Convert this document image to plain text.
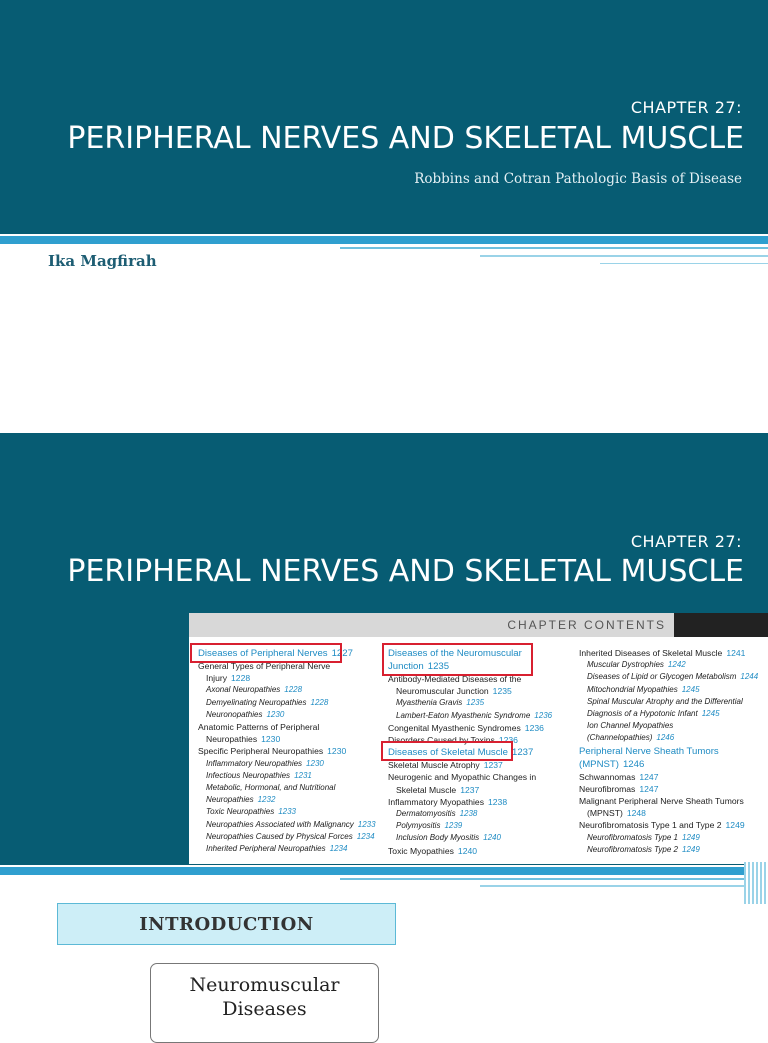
CHAPTER 27:
PERIPHERAL NERVES AND SKELETAL MUSCLE
Robbins and Cotran Pathologic Basis of Disease
Ika Magfirah
CHAPTER 27:
PERIPHERAL NERVES AND SKELETAL MUSCLE
CHAPTER CONTENTS
Diseases of Peripheral Nerves 1227
General Types of Peripheral Nerve
Injury 1228
Axonal Neuropathies 1228
Demyelinating Neuropathies 1228
Neuronopathies 1230
Anatomic Patterns of Peripheral
Neuropathies 1230
Specific Peripheral Neuropathies 1230
Inflammatory Neuropathies 1230
Infectious Neuropathies 1231
Metabolic, Hormonal, and Nutritional
Neuropathies 1232
Toxic Neuropathies 1233
Neuropathies Associated with Malignancy 1233
Neuropathies Caused by Physical Forces 1234
Inherited Peripheral Neuropathies 1234
Diseases of the Neuromuscular
Junction 1235
Antibody-Mediated Diseases of the
Neuromuscular Junction 1235
Myasthenia Gravis 1235
Lambert-Eaton Myasthenic Syndrome 1236
Congenital Myasthenic Syndromes 1236
Disorders Caused by Toxins 1236
Diseases of Skeletal Muscle 1237
Skeletal Muscle Atrophy 1237
Neurogenic and Myopathic Changes in
Skeletal Muscle 1237
Inflammatory Myopathies 1238
Dermatomyositis 1238
Polymyositis 1239
Inclusion Body Myositis 1240
Toxic Myopathies 1240
Inherited Diseases of Skeletal Muscle 1241
Muscular Dystrophies 1242
Diseases of Lipid or Glycogen Metabolism 1244
Mitochondrial Myopathies 1245
Spinal Muscular Atrophy and the Differential
Diagnosis of a Hypotonic Infant 1245
Ion Channel Myopathies
(Channelopathies) 1246
Peripheral Nerve Sheath Tumors
(MPNST) 1246
Schwannomas 1247
Neurofibromas 1247
Malignant Peripheral Nerve Sheath Tumors
(MPNST) 1248
Neurofibromatosis Type 1 and Type 2 1249
Neurofibromatosis Type 1 1249
Neurofibromatosis Type 2 1249
INTRODUCTION
Neuromuscular
Diseases
